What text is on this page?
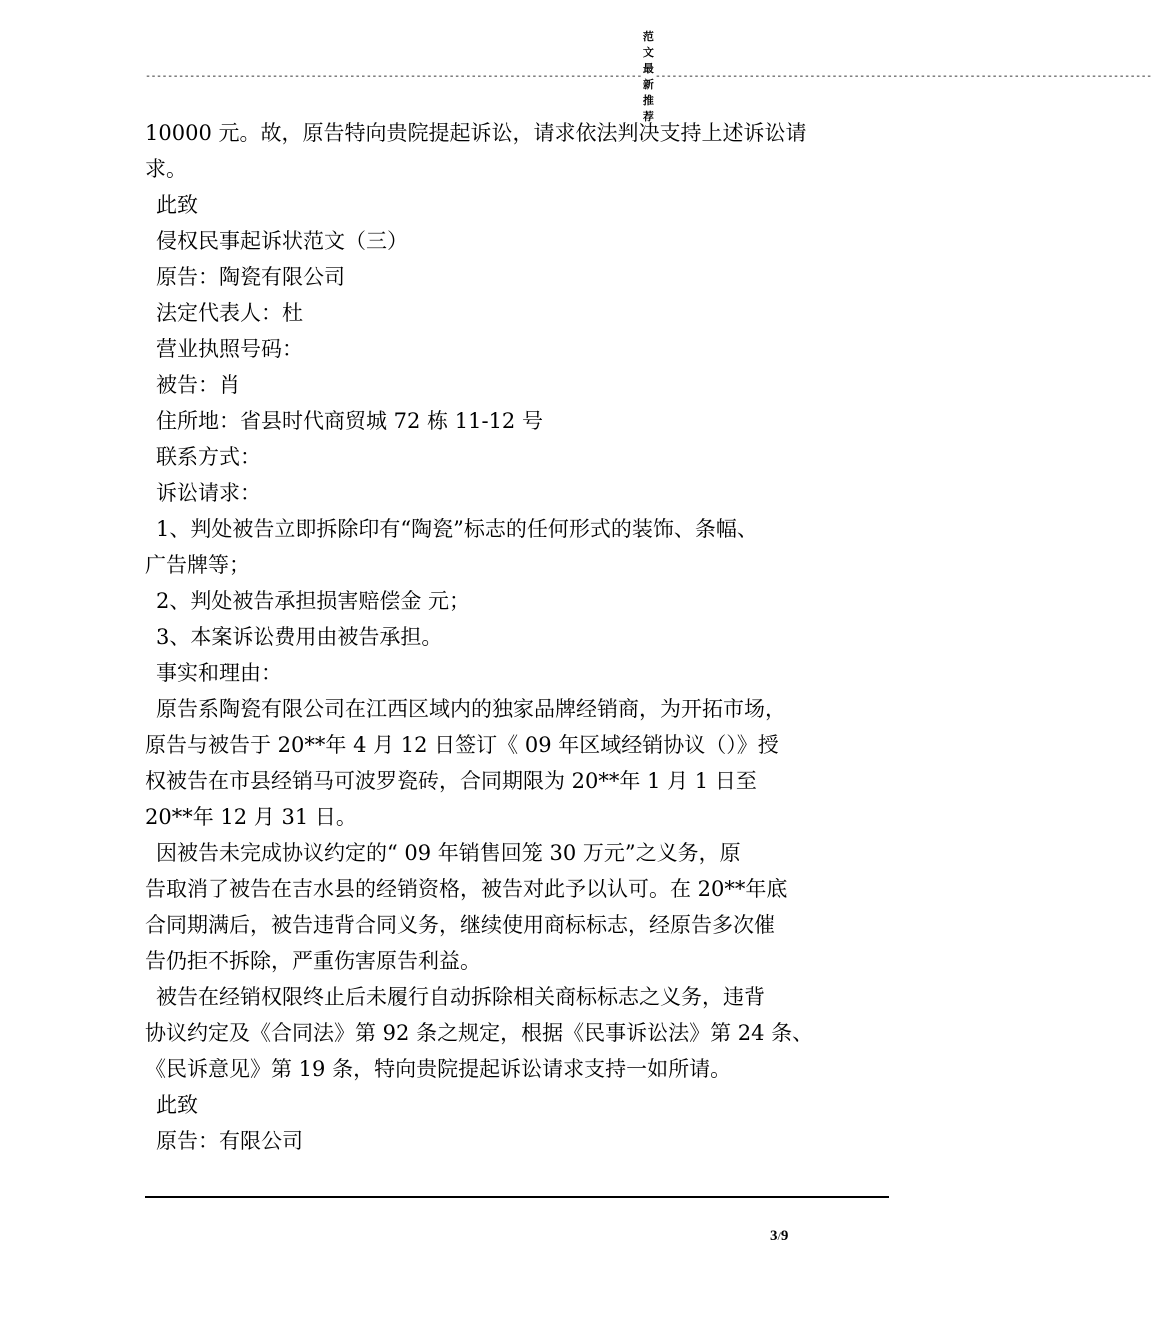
------------------------------------------------------------------------------------------
范文最新推荐
------------------------------------------------------------------------------------------
10000 元。故，原告特向贵院提起诉讼，请求依法判决支持上述诉讼请
求。
此致
侵权民事起诉状范文（三）
原告：陶瓷有限公司
法定代表人：杜
营业执照号码：
被告：肖
住所地：省县时代商贸城 72 栋 11-12 号
联系方式：
诉讼请求：
1、判处被告立即拆除印有“陶瓷”标志的任何形式的装饰、条幅、
广告牌等；
2、判处被告承担损害赔偿金 元；
3、本案诉讼费用由被告承担。
事实和理由：
原告系陶瓷有限公司在江西区域内的独家品牌经销商，为开拓市场，
原告与被告于 20**年 4 月 12 日签订《 09 年区域经销协议（）》授
权被告在市县经销马可波罗瓷砖，合同期限为 20**年 1 月 1 日至
20**年 12 月 31 日。
因被告未完成协议约定的“ 09 年销售回笼 30 万元”之义务，原
告取消了被告在吉水县的经销资格，被告对此予以认可。在 20**年底
合同期满后，被告违背合同义务，继续使用商标标志，经原告多次催
告仍拒不拆除，严重伤害原告利益。
被告在经销权限终止后未履行自动拆除相关商标标志之义务，违背
协议约定及《合同法》第 92 条之规定，根据《民事诉讼法》第 24 条、
《民诉意见》第 19 条，特向贵院提起诉讼请求支持一如所请。
此致
原告：有限公司
3/9
